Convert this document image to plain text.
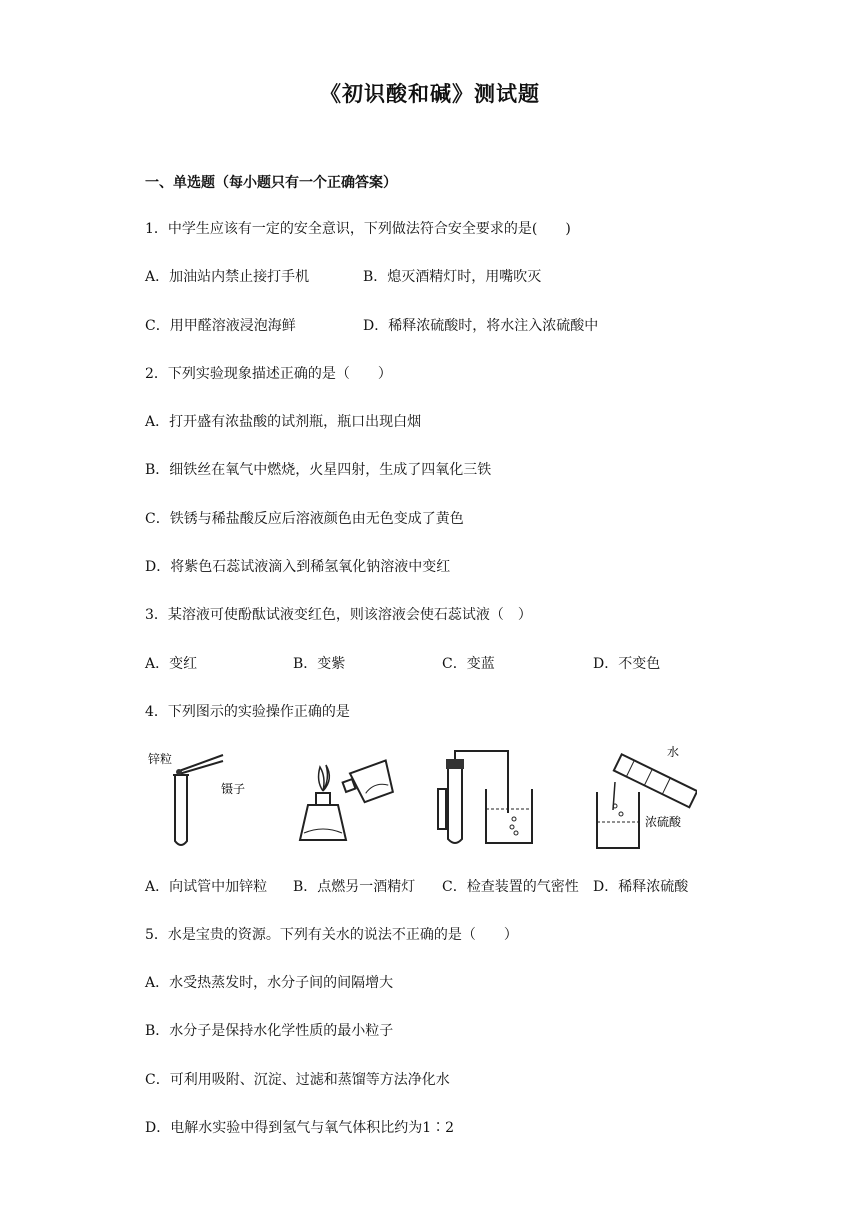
《初识酸和碱》测试题
一、单选题（每小题只有一个正确答案）
1．中学生应该有一定的安全意识，下列做法符合安全要求的是(　　)
A．加油站内禁止接打手机	B．熄灭酒精灯时，用嘴吹灭
C．用甲醛溶液浸泡海鲜	D．稀释浓硫酸时，将水注入浓硫酸中
2．下列实验现象描述正确的是（　　）
A．打开盛有浓盐酸的试剂瓶，瓶口出现白烟
B．细铁丝在氧气中燃烧，火星四射，生成了四氧化三铁
C．铁锈与稀盐酸反应后溶液颜色由无色变成了黄色
D．将紫色石蕊试液滴入到稀氢氧化钠溶液中变红
3．某溶液可使酚酞试液变红色，则该溶液会使石蕊试液（　）
A．变红	B．变紫	C．变蓝	D．不变色
4．下列图示的实验操作正确的是
锌粒
镊子
水
浓硫酸
A．向试管中加锌粒 B．点燃另一酒精灯 C．检查装置的气密性 D．稀释浓硫酸
5．水是宝贵的资源。下列有关水的说法不正确的是（　　）
A．水受热蒸发时，水分子间的间隔增大
B．水分子是保持水化学性质的最小粒子
C．可利用吸附、沉淀、过滤和蒸馏等方法净化水
D．电解水实验中得到氢气与氧气体积比约为1∶2
